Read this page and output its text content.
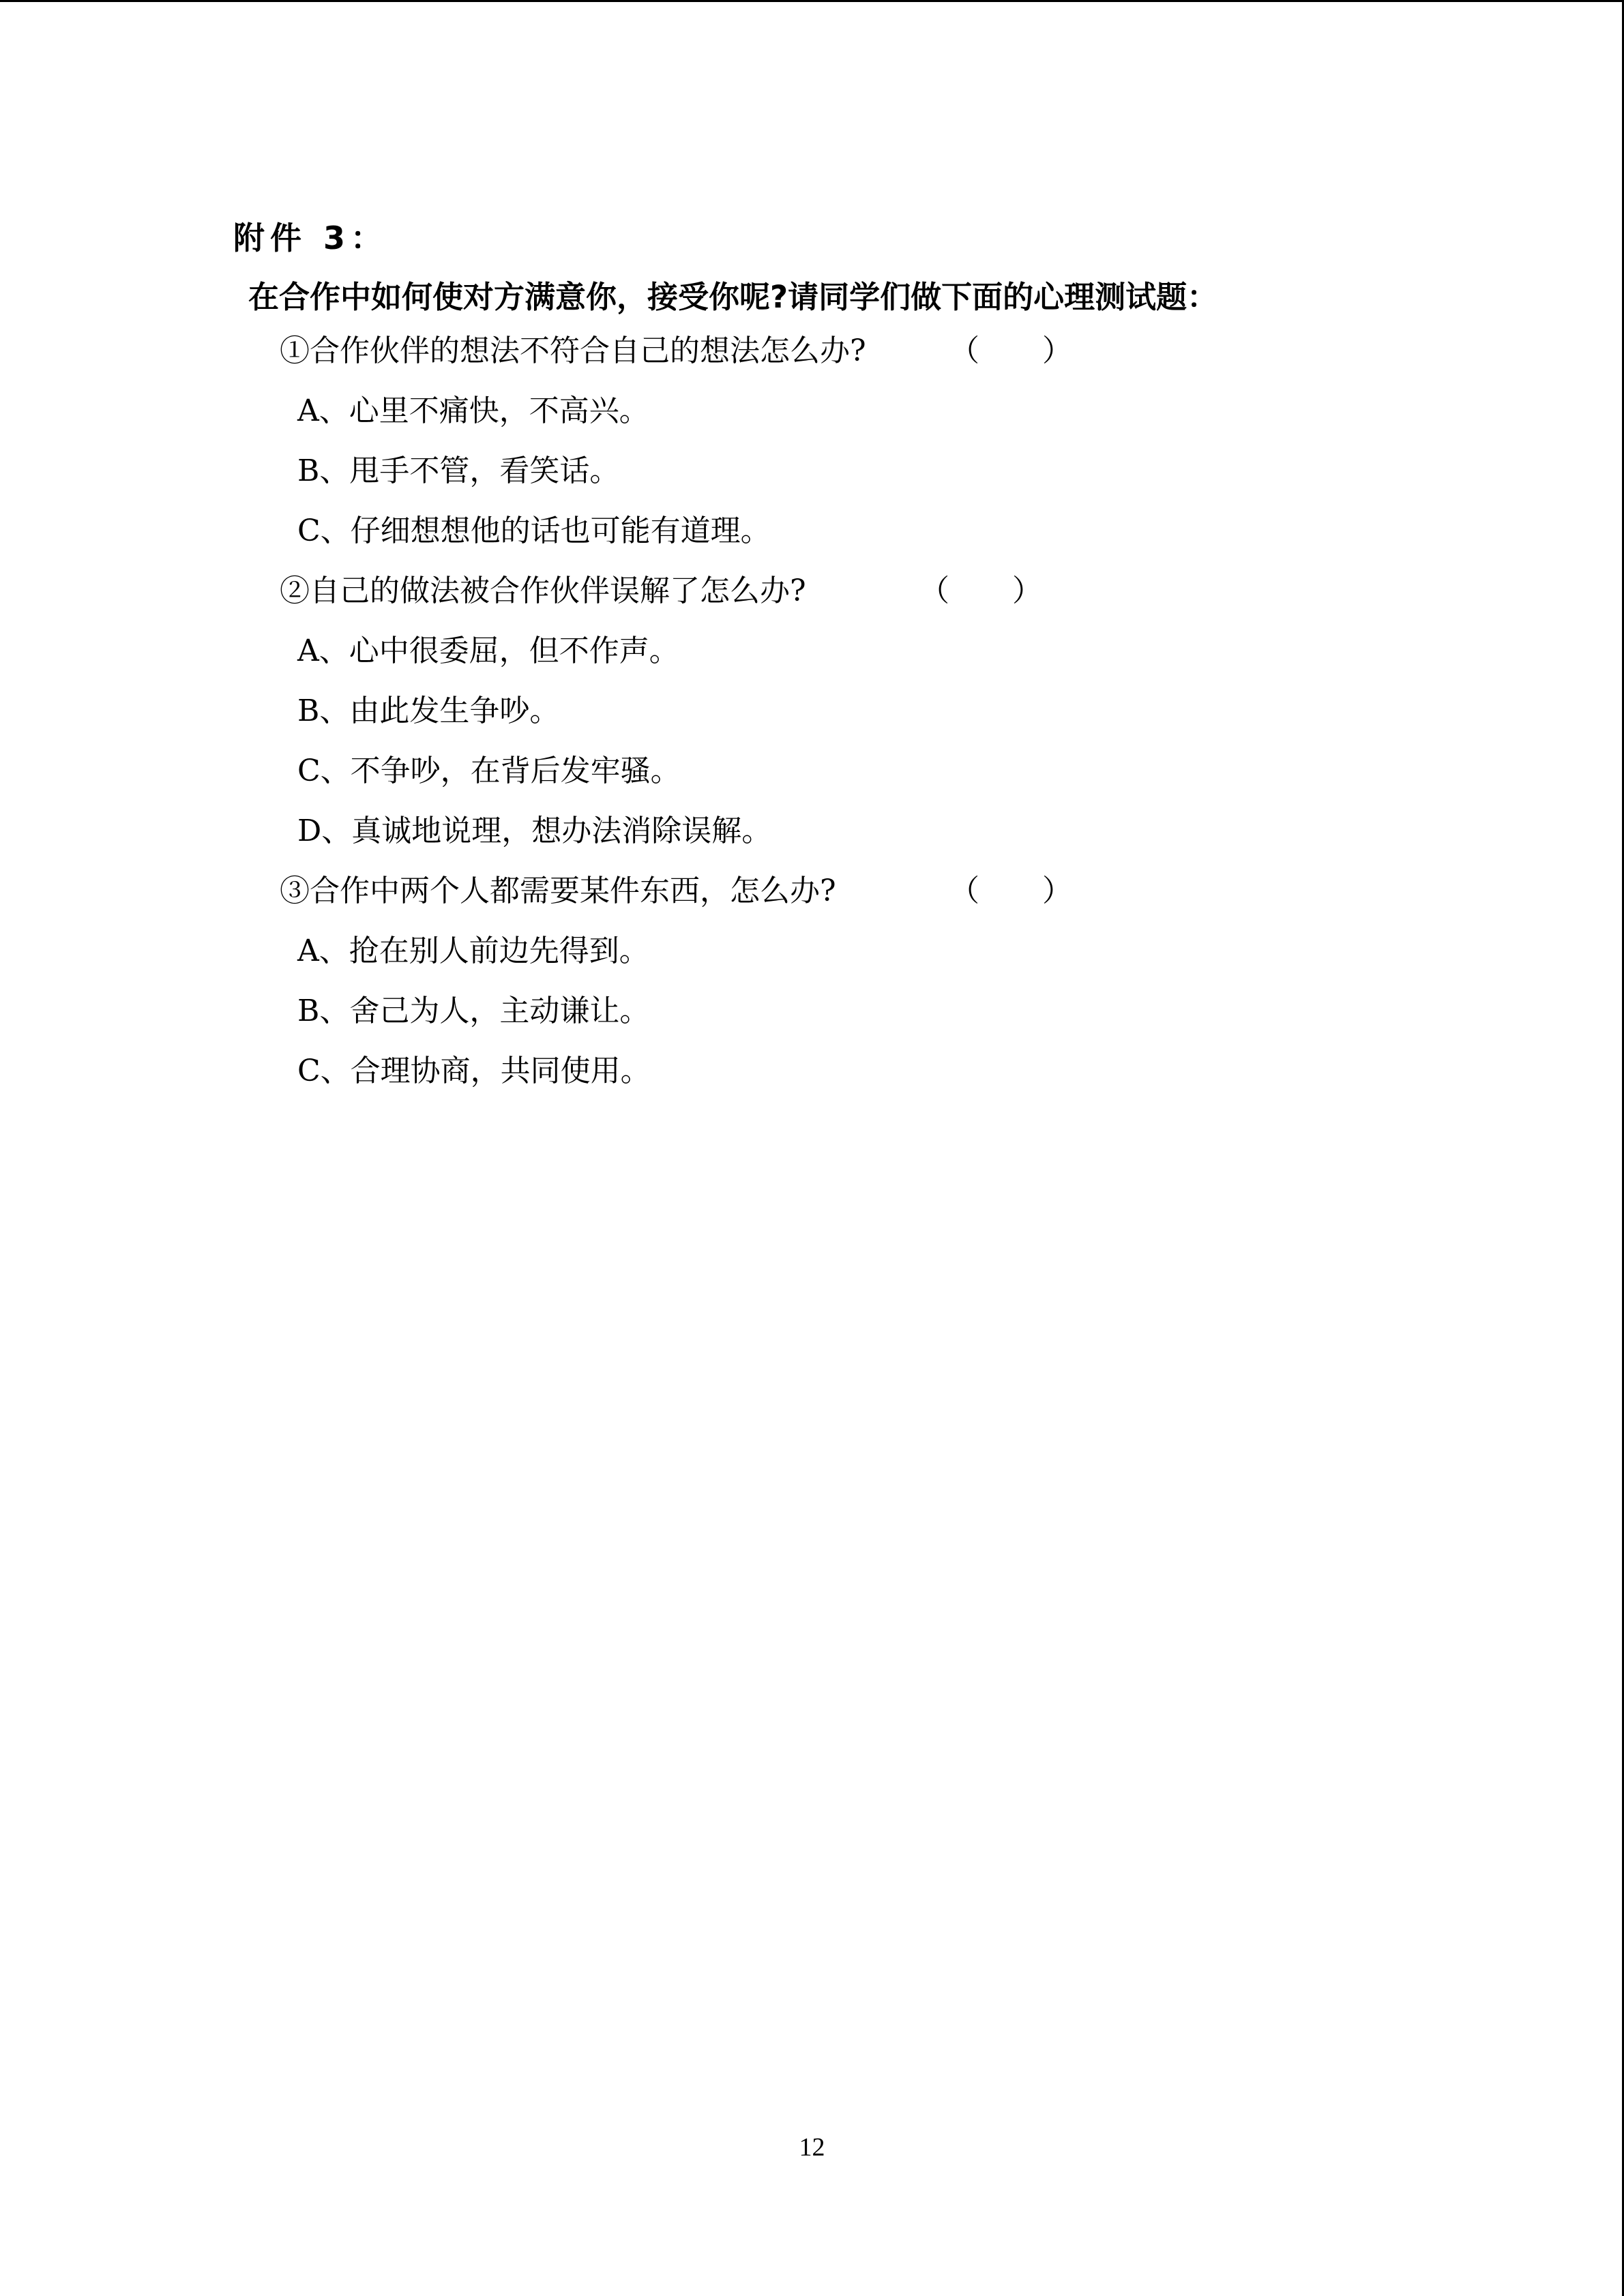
附件 3：
在合作中如何使对方满意你，接受你呢?请同学们做下面的心理测试题：
①合作伙伴的想法不符合自己的想法怎么办?	（ ）
A、心里不痛快，不高兴。
B、甩手不管，看笑话。
C、仔细想想他的话也可能有道理。
②自己的做法被合作伙伴误解了怎么办?	（ ）
A、心中很委屈，但不作声。
B、由此发生争吵。
C、不争吵，在背后发牢骚。
D、真诚地说理，想办法消除误解。
③合作中两个人都需要某件东西，怎么办?	（ ）
A、抢在别人前边先得到。
B、舍己为人，主动谦让。
C、合理协商，共同使用。
12
